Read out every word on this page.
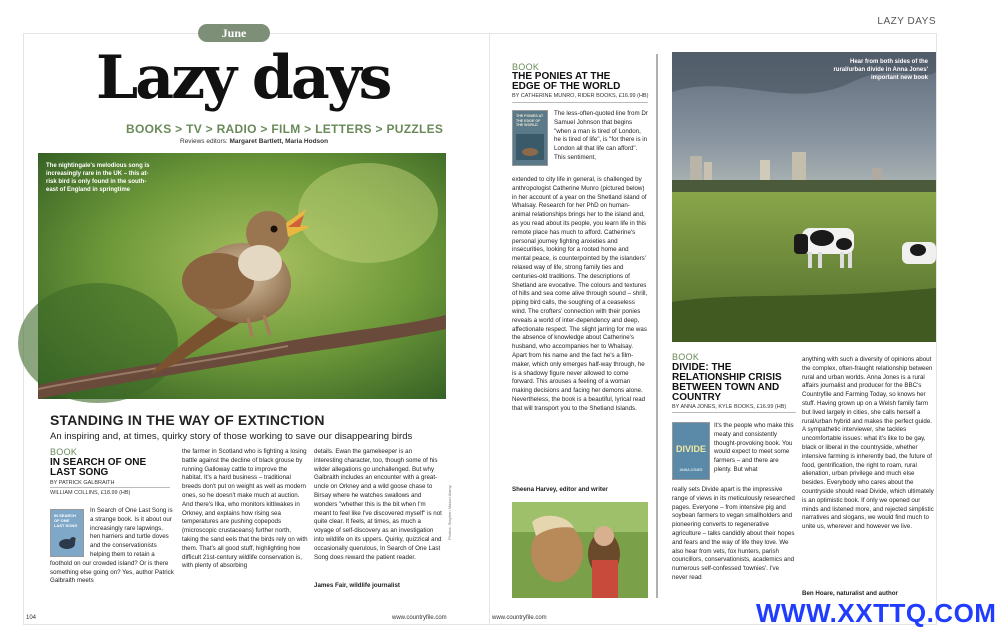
LAZY DAYS
June
Lazy days
BOOKS > TV > RADIO > FILM > LETTERS > PUZZLES
Reviews editors: Margaret Bartlett, Maria Hodson
The nightingale's melodious song is increasingly rare in the UK – this at-risk bird is only found in the south-east of England in springtime
STANDING IN THE WAY OF EXTINCTION
An inspiring and, at times, quirky story of those working to save our disappearing birds
BOOK
IN SEARCH OF ONE LAST SONG
BY PATRICK GALBRAITH
WILLIAM COLLINS, £18.99 (HB)
IN SEARCH OF ONE LAST SONG
In Search of One Last Song is a strange book. Is it about our increasingly rare lapwings, hen harriers and turtle doves and the conservationists helping them to retain a foothold on our crowded island? Or is there something else going on? Yes, author Patrick Galbraith meets
the farmer in Scotland who is fighting a losing battle against the decline of black grouse by running Galloway cattle to improve the habitat. It's a hard business – traditional breeds don't put on weight as well as modern ones, so he doesn't make much at auction. And there's Ilka, who monitors kittiwakes in Orkney, and explains how rising sea temperatures are pushing copepods (microscopic crustaceans) further north, taking the sand eels that the birds rely on with them. That's all good stuff, highlighting how difficult 21st-century wildlife conservation is, with plenty of absorbing
details. Ewan the gamekeeper is an interesting character, too, though some of his wilder allegations go unchallenged. But why Galbraith includes an encounter with a great-uncle on Orkney and a wild goose chase to Birsay where he watches swallows and wonders "whether this is the bit when I'm meant to feel like I've discovered myself" is not quite clear. It feels, at times, as much a voyage of self-discovery as an investigation into wildlife on its uppers. Quirky, quizzical and occasionally querulous, In Search of One Last Song does reward the patient reader.
James Fair, wildlife journalist
Photos: Stephen Mason Alamy
BOOK
THE PONIES AT THE EDGE OF THE WORLD
BY CATHERINE MUNRO, RIDER BOOKS, £16.99 (HB)
THE PONIES AT THE EDGE OF THE WORLD
The less-often-quoted line from Dr Samuel Johnson that begins "when a man is tired of London, he is tired of life", is "for there is in London all that life can afford". This sentiment,
extended to city life in general, is challenged by anthropologist Catherine Munro (pictured below) in her account of a year on the Shetland island of Whalsay. Research for her PhD on human-animal relationships brings her to the island and, as you read about its people, you learn life in this remote place has much to afford. Catherine's personal journey fighting anxieties and insecurities, looking for a rooted home and mental peace, is counterpointed by the islanders' relaxed way of life, strong family ties and centuries-old traditions. The descriptions of Shetland are evocative. The colours and textures of hills and sea come alive through sound – shrill, piping bird calls, the soughing of a ceaseless wind. The crofters' connection with their ponies reveals a world of inter-dependency and deep, affectionate respect. The slight jarring for me was the absence of knowledge about Catherine's husband, who accompanies her to Whalsay. Apart from his name and the fact he's a film-maker, which only emerges half-way through, he is a shadowy figure never allowed to come forward. This arouses a feeling of a woman making decisions and facing her demons alone. Nevertheless, the book is a beautiful, lyrical read that will transport you to the Shetland Islands.
Sheena Harvey, editor and writer
Hear from both sides of the rural/urban divide in Anna Jones' important new book
BOOK
DIVIDE: THE RELATIONSHIP CRISIS BETWEEN TOWN AND COUNTRY
BY ANNA JONES, KYLE BOOKS, £16.99 (HB)
DIVIDE
ANNA JONES
It's the people who make this meaty and consistently thought-provoking book. You would expect to meet some farmers – and there are plenty. But what
really sets Divide apart is the impressive range of views in its meticulously researched pages. Everyone – from intensive pig and soybean farmers to vegan smallholders and pioneering converts to regenerative agriculture – talks candidly about their hopes and fears and the way of life they love. We also hear from vets, fox hunters, parish councillors, conservationists, academics and numerous self-confessed 'townies'. I've never read
anything with such a diversity of opinions about the complex, often-fraught relationship between rural and urban worlds. Anna Jones is a rural affairs journalist and producer for the BBC's Countryfile and Farming Today, so knows her stuff. Having grown up on a Welsh family farm but lived largely in cities, she calls herself a rural/urban hybrid and makes the perfect guide. A sympathetic interviewer, she tackles uncomfortable issues: what it's like to be gay, black or liberal in the countryside, whether intensive farming is inherently bad, the future of food, gentrification, the right to roam, rural alienation, urban privilege and much else besides. Everybody who cares about the countryside should read Divide, which ultimately is an optimistic book. If only we opened our minds and listened more, and rejected simplistic narratives and slogans, we would find much to unite us, wherever and however we live.
Ben Hoare, naturalist and author
104	www.countryfile.com	www.countryfile.com	WWW.XXTTQ.COM
